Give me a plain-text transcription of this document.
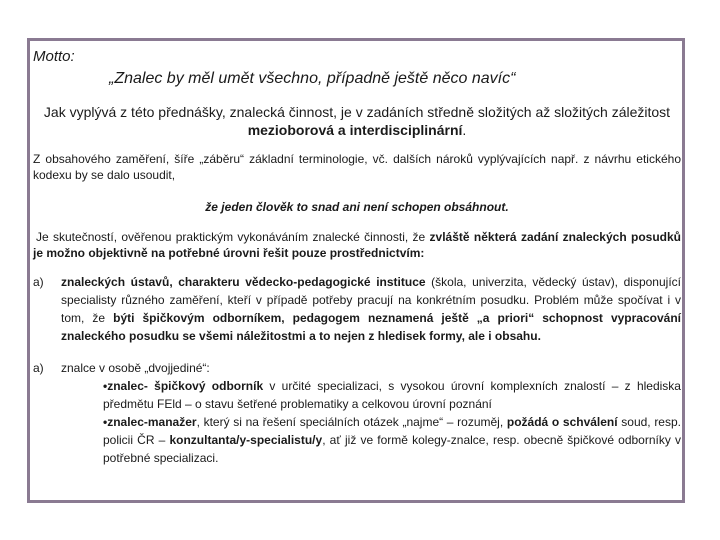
Motto:

„Znalec by měl umět všechno, případně ještě něco navíc“

Jak vyplývá z této přednášky, znalecká činnost, je v zadáních středně složitých až složitých záležitost mezioborová a interdisciplinární.

Z obsahového zaměření, šíře „záběru“ základní terminologie, vč. dalších nároků vyplývajících např. z návrhu etického kodexu by se dalo usoudit,

že jeden člověk to snad ani není schopen obsáhnout.

Je skutečností, ověřenou praktickým vykonáváním znalecké činnosti, že zvláště některá zadání znaleckých posudků je možno objektivně na potřebné úrovni řešit pouze prostřednictvím:

a)	znaleckých ústavů, charakteru vědecko-pedagogické instituce (škola, univerzita, vědecký ústav), disponující specialisty různého zaměření, kteří v případě potřeby pracují na konkrétním posudku. Problém může spočívat i v tom, že býti špičkovým odborníkem, pedagogem neznamená ještě „a priori“ schopnost vypracování znaleckého posudku se všemi náležitostmi a to nejen z hledisek formy, ale i obsahu.
a)	znalce v osobě „dvojjediné“:
•znalec- špičkový odborník v určité specializaci, s vysokou úrovní komplexních znalostí – z hlediska předmětu FEld – o stavu šetřené problematiky a celkovou úrovní poznání
•znalec-manažer, který si na řešení speciálních otázek „najme“ – rozuměj, požádá o schválení soud, resp. policii ČR – konzultanta/y-specialistu/y, ať již ve formě kolegy-znalce, resp. obecně špičkové odborníky v potřebné specializaci.
